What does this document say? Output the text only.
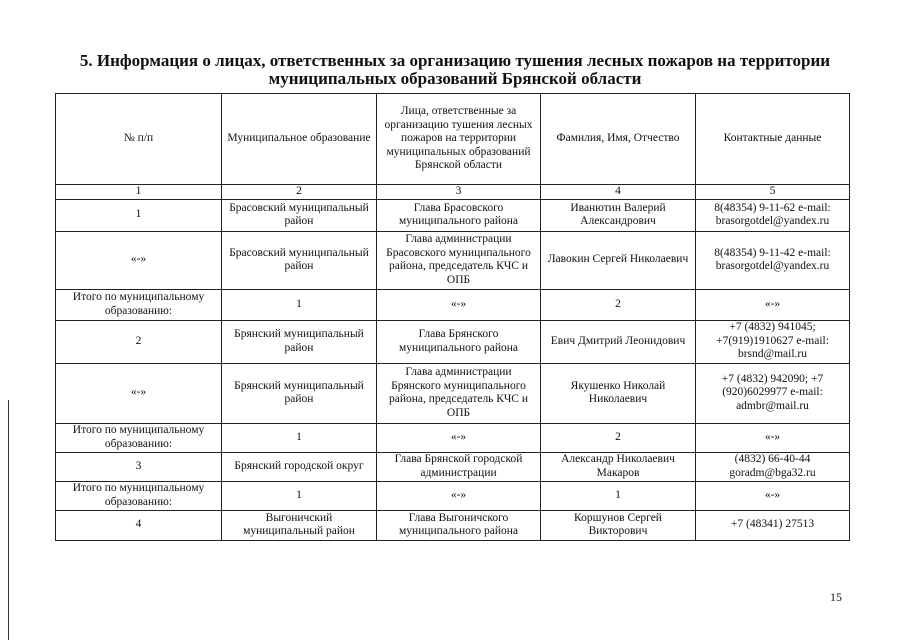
5. Информация о лицах, ответственных за организацию тушения лесных пожаров на территории
муниципальных образований Брянской области
№ п/п	Муниципальное образование	Лица, ответственные за организацию тушения лесных пожаров на территории муниципальных образований Брянской области	Фамилия, Имя, Отчество	Контактные данные
1	2	3	4	5
1	Брасовский муниципальный район	Глава Брасовского муниципального района	Иванютин Валерий Александрович	8(48354) 9-11-62 e-mail: brasorgotdel@yandex.ru
«-»	Брасовский муниципальный район	Глава администрации Брасовского муниципального района, председатель КЧС и ОПБ	Лавокин Сергей Николаевич	8(48354) 9-11-42 e-mail: brasorgotdel@yandex.ru
Итого по муниципальному образованию:	1	«-»	2	«-»
2	Брянский муниципальный район	Глава Брянского муниципального района	Евич Дмитрий Леонидович	+7 (4832) 941045; +7(919)1910627 e-mail: brsnd@mail.ru
«-»	Брянский муниципальный район	Глава администрации Брянского муниципального района, председатель КЧС и ОПБ	Якушенко Николай Николаевич	+7 (4832) 942090; +7 (920)6029977 e-mail: admbr@mail.ru
Итого по муниципальному образованию:	1	«-»	2	«-»
3	Брянский городской округ	Глава Брянской городской администрации	Александр Николаевич Макаров	(4832) 66-40-44 goradm@bga32.ru
Итого по муниципальному образованию:	1	«-»	1	«-»
4	Выгоничский муниципальный район	Глава Выгоничского муниципального района	Коршунов Сергей Викторович	+7 (48341) 27513
15
